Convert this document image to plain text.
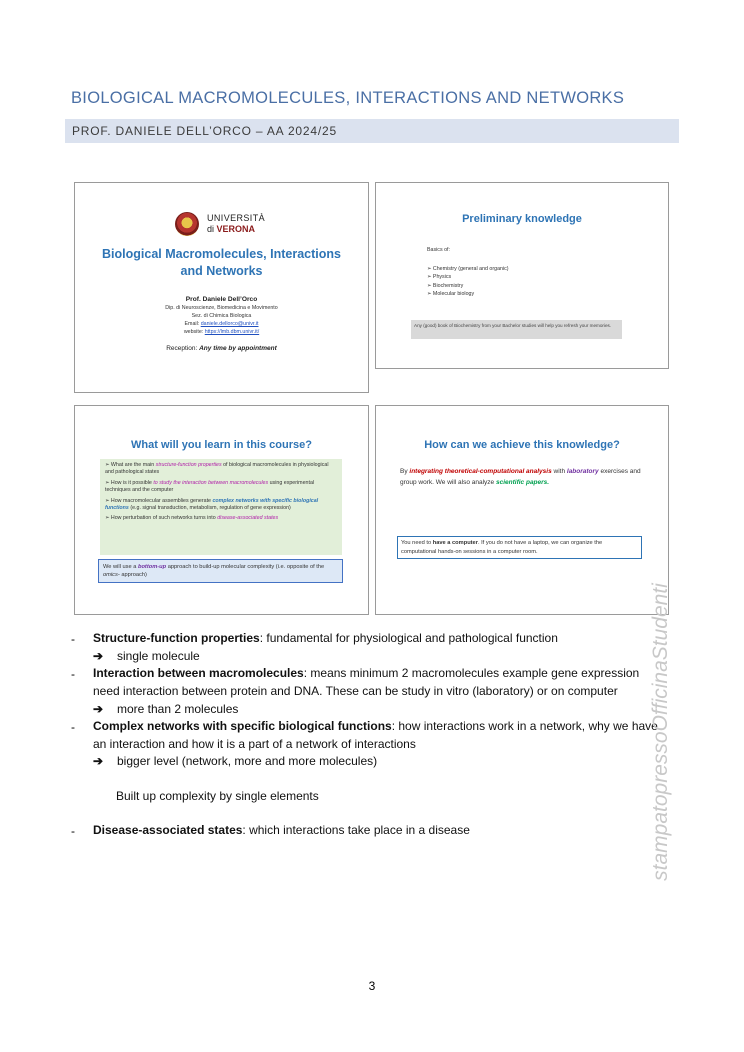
BIOLOGICAL MACROMOLECULES, INTERACTIONS AND NETWORKS
PROF. DANIELE DELL’ORCO – AA 2024/25
UNIVERSITÀ
di VERONA
Biological Macromolecules, Interactions
and Networks
Prof. Daniele Dell’Orco
Dip. di Neuroscienze, Biomedicina e Movimento
Sez. di Chimica Biologica
Email: daniele.dellorco@univr.it
website: https://lmb.dbm.univr.it/
Reception: Any time by appointment
Preliminary knowledge
Basics of:
➢ Chemistry (general and organic)
➢ Physics
➢ Biochemistry
➢ Molecular biology
Any (good) book of Biochemistry from your Bachelor studies will help you refresh your memories.
What will you learn in this course?

➢ What are the main structure-function properties of biological macromolecules in physiological and pathological states

➢ How is it possible to study the interaction between macromolecules using experimental techniques and the computer

➢ How macromolecular assemblies generate complex networks with specific biological functions (e.g. signal transduction, metabolism, regulation of gene expression)

➢ How perturbation of such networks turns into disease-associated states

We will use a bottom-up approach to build-up molecular complexity (i.e. opposite of the omics- approach)
How can we achieve this knowledge?
By integrating theoretical-computational analysis with laboratory exercises and group work. We will also analyze scientific papers.
You need to have a computer. If you do not have a laptop, we can organize the computational hands-on sessions in a computer room.
- Structure-function properties: fundamental for physiological and pathological function
➔ single molecule
- Interaction between macromolecules: means minimum 2 macromolecules example gene expression need interaction between protein and DNA. These can be study in vitro (laboratory) or on computer
➔ more than 2 molecules
- Complex networks with specific biological functions: how interactions work in a network, why we have an interaction and how it is a part of a network of interactions
➔ bigger level (network, more and more molecules)
Built up complexity by single elements
- Disease-associated states: which interactions take place in a disease	stampatopressoOfficinaStudenti
3
